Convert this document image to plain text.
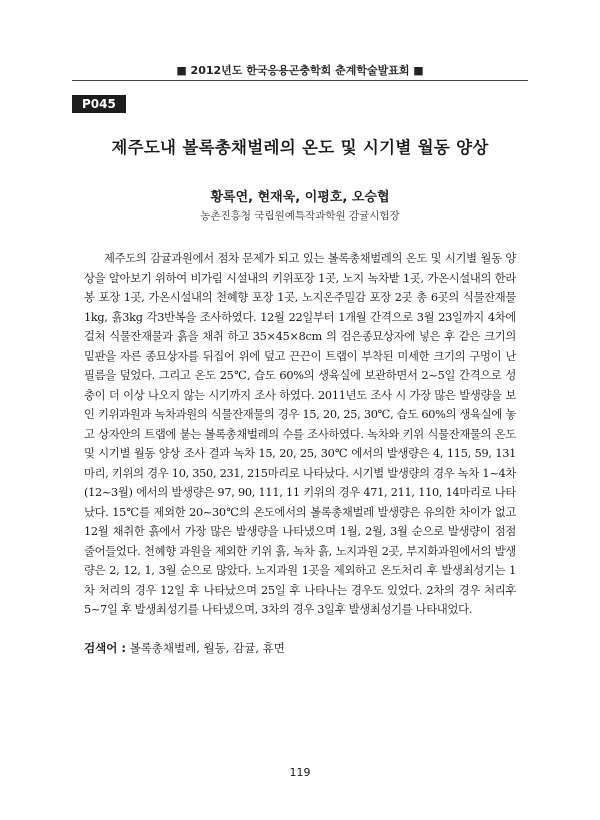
■ 2012년도 한국응용곤충학회 춘계학술발표회 ■
P045
제주도내 볼록총채벌레의 온도 및 시기별 월동 양상
황록연, 현재욱, 이평호, 오승협
농촌진흥청 국립원예특작과학원 감귤시험장

제주도의 감귤과원에서 점차 문제가 되고 있는 볼록총채벌레의 온도 및 시기별 월동 양상을 알아보기 위하여 비가림 시설내의 키위포장 1곳, 노지 녹차밭 1곳, 가온시설내의 한라봉 포장 1곳, 가온시설내의 천혜향 포장 1곳, 노지온주밀감 포장 2곳 총 6곳의 식물잔재물 1kg, 흙3kg 각3반복을 조사하였다. 12월 22일부터 1개월 간격으로 3월 23일까지 4차에 걸쳐 식물잔재물과 흙을 채취 하고 35×45×8cm 의 검은종묘상자에 넣은 후 같은 크기의 밑판을 자른 종묘상자를 뒤집어 위에 덮고 끈끈이 트랩이 부착된 미세한 크기의 구멍이 난 필름을 덮었다. 그리고 온도 25℃, 습도 60%의 생육실에 보관하면서 2~5일 간격으로 성충이 더 이상 나오지 않는 시기까지 조사 하였다. 2011년도 조사 시 가장 많은 발생량을 보인 키위과원과 녹차과원의 식물잔재물의 경우 15, 20, 25, 30℃, 습도 60%의 생육실에 놓고 상자안의 트랩에 붙는 볼록총채벌레의 수를 조사하였다. 녹차와 키위 식물잔재물의 온도 및 시기별 월동 양상 조사 결과 녹차 15, 20, 25, 30℃ 에서의 발생량은 4, 115, 59, 131마리, 키위의 경우 10, 350, 231, 215마리로 나타났다. 시기별 발생량의 경우 녹차 1~4차(12~3월) 에서의 발생량은 97, 90, 111, 11 키위의 경우 471, 211, 110, 14마리로 나타났다. 15℃를 제외한 20~30℃의 온도에서의 볼록총채벌레 발생량은 유의한 차이가 없고 12월 채취한 흙에서 가장 많은 발생량을 나타냈으며 1월, 2월, 3월 순으로 발생량이 점점 줄어들었다. 천혜향 과원을 제외한 키위 흙, 녹차 흙, 노지과원 2곳, 부지화과원에서의 발생량은 2, 12, 1, 3월 순으로 많았다. 노지과원 1곳을 제외하고 온도처리 후 발생최성기는 1차 처리의 경우 12일 후 나타났으며 25일 후 나타나는 경우도 있었다. 2차의 경우 처리후 5~7일 후 발생최성기를 나타냈으며, 3차의 경우 3일후 발생최성기를 나타내었다.

검색어 : 볼록총채벌레, 월동, 감귤, 휴면
119
